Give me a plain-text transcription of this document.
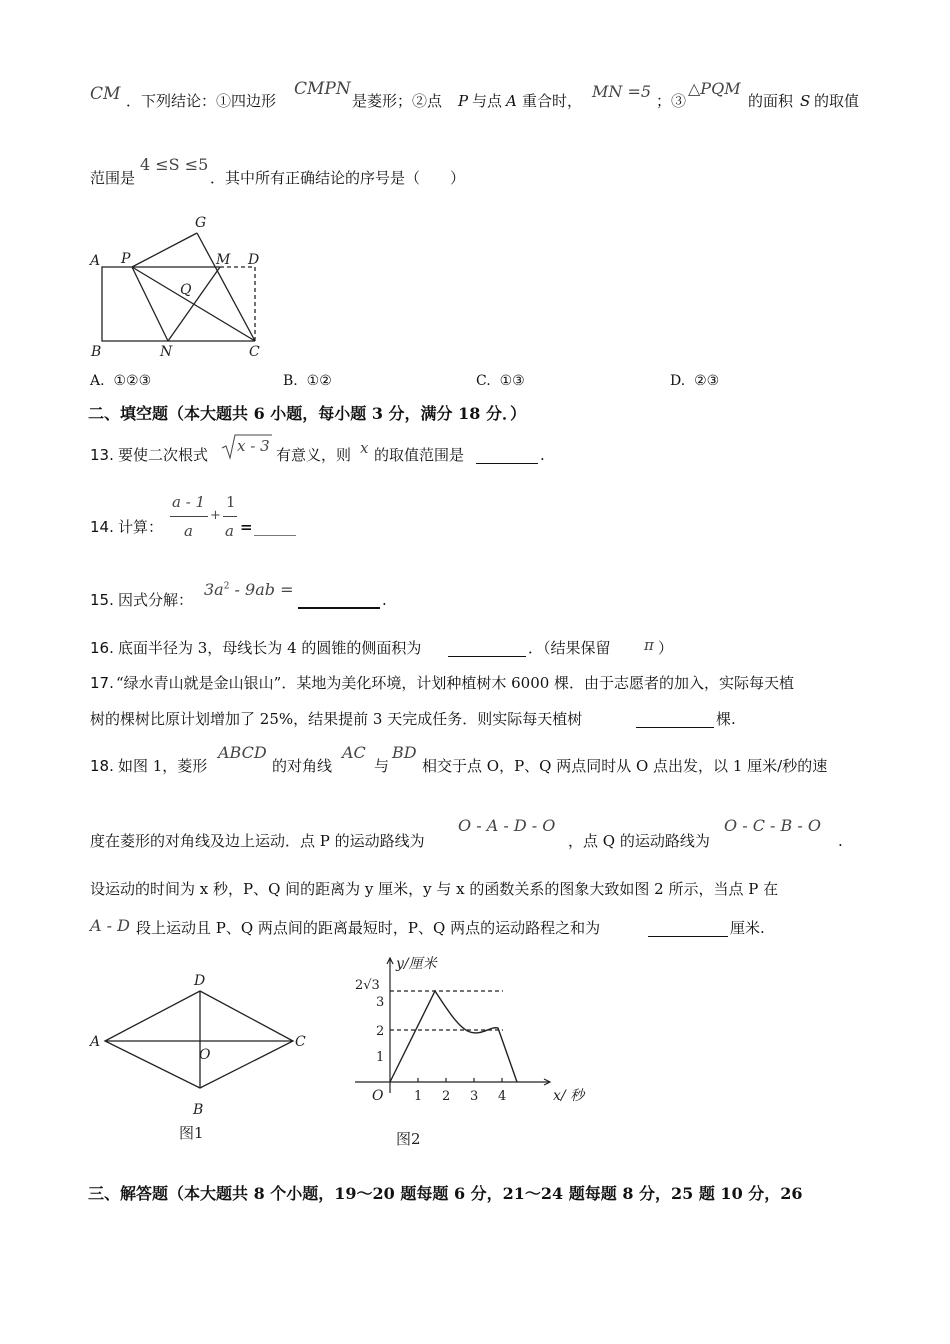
CM ．下列结论：①四边形
CMPN
是菱形；②点 P 与点 A 重合时， MN =5 ；③
△PQM
的面积 S 的取值
范围是
4 ≤S ≤5
．其中所有正确结论的序号是（　　）
A P
G
M D
Q
B	N	C
A. ①②③	B. ①②	C. ①③	D. ②③
二、填空题（本大题共 6 小题，每小题 3 分，满分 18 分．）
13. 要使二次根式 x - 3 有意义，则 x 的取值范围是	.
14. 计算：
a - 1
a
+
1
a =
15. 因式分解：
$3a^2 - 9ab$ =
.
16. 底面半径为 3，母线长为 4 的圆锥的侧面积为	．（结果保留 π ）
17. “绿水青山就是金山银山”．某地为美化环境，计划种植树木 6000 棵．由于志愿者的加入，实际每天植
树的棵树比原计划增加了 25%，结果提前 3 天完成任务．则实际每天植树	棵.
18. 如图 1，菱形
ABCD
的对角线
AC
与
BD
相交于点 O，P、Q 两点同时从 O 点出发，以 1 厘米/秒的速
度在菱形的对角线及边上运动．点 P 的运动路线为
O - A - D - O
，点 Q 的运动路线为
O - C - B - O
.
设运动的时间为 x 秒，P、Q 间的距离为 y 厘米，y 与 x 的函数关系的图象大致如图 2 所示，当点 P 在
A - D 段上运动且 P、Q 两点间的距离最短时，P、Q 两点的运动路程之和为	厘米.
D
A	C
O
B
图1
y/厘米
x/ 秒
O
2√3
3
2
1
1 2 3 4
图2
三、解答题（本大题共 8 个小题，19～20 题每题 6 分，21～24 题每题 8 分，25 题 10 分，26
